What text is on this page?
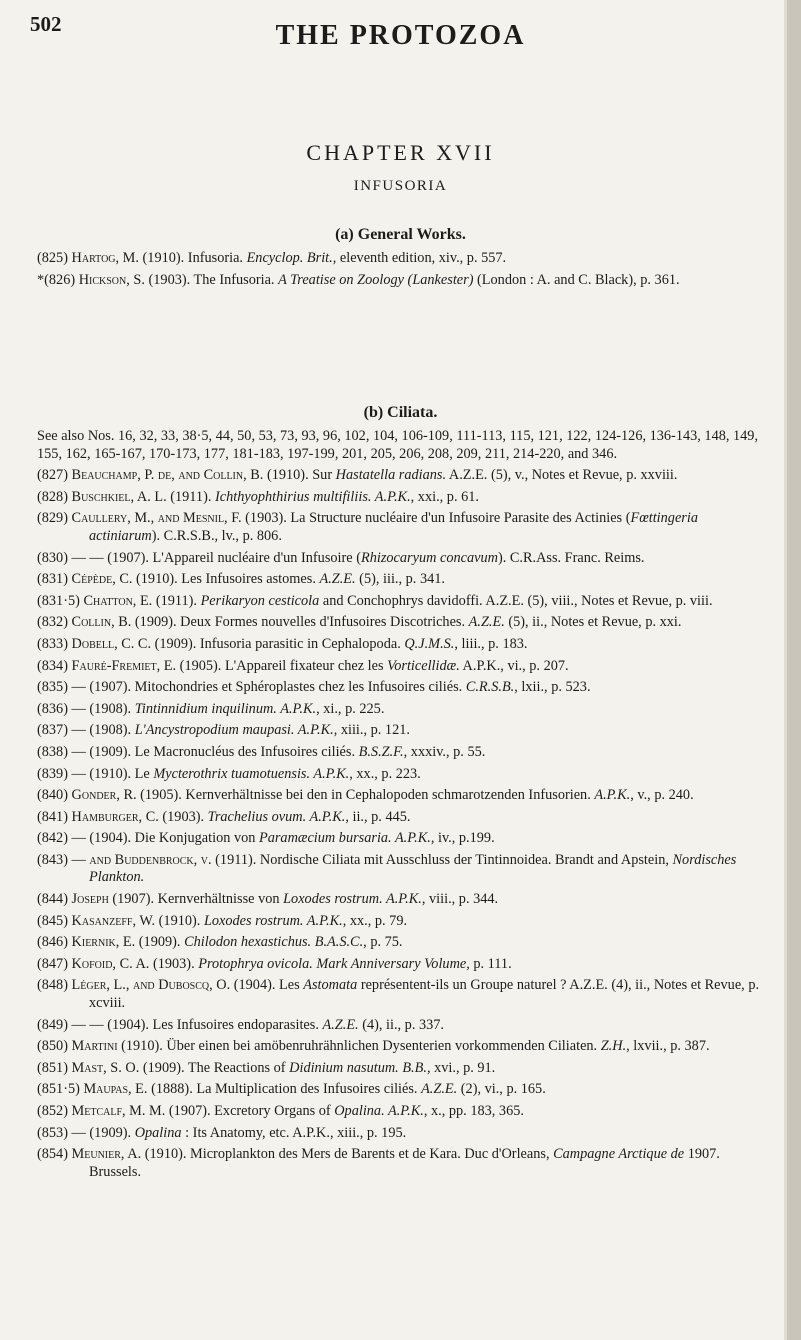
502	THE PROTOZOA
CHAPTER XVII
INFUSORIA
(a) General Works.
(825) Hartog, M. (1910). Infusoria. Encyclop. Brit., eleventh edition, xiv., p. 557.
*(826) Hickson, S. (1903). The Infusoria. A Treatise on Zoology (Lankester) (London : A. and C. Black), p. 361.
(b) Ciliata.
See also Nos. 16, 32, 33, 38·5, 44, 50, 53, 73, 93, 96, 102, 104, 106-109, 111-113, 115, 121, 122, 124-126, 136-143, 148, 149, 155, 162, 165-167, 170-173, 177, 181-183, 197-199, 201, 205, 206, 208, 209, 211, 214-220, and 346.
(827) Beauchamp, P. de, and Collin, B. (1910). Sur Hastatella radians. A.Z.E. (5), v., Notes et Revue, p. xxviii.
(828) Buschkiel, A. L. (1911). Ichthyophthirius multifiliis. A.P.K., xxi., p. 61.
(829) Caullery, M., and Mesnil, F. (1903). La Structure nucléaire d'un Infusoire Parasite des Actinies (Fœttingeria actiniarum). C.R.S.B., lv., p. 806.
(830) — — (1907). L'Appareil nucléaire d'un Infusoire (Rhizocaryum concavum). C.R.Ass. Franc. Reims.
(831) Cépède, C. (1910). Les Infusoires astomes. A.Z.E. (5), iii., p. 341.
(831·5) Chatton, E. (1911). Perikaryon cesticola and Conchophrys davidoffi. A.Z.E. (5), viii., Notes et Revue, p. viii.
(832) Collin, B. (1909). Deux Formes nouvelles d'Infusoires Discotriches. A.Z.E. (5), ii., Notes et Revue, p. xxi.
(833) Dobell, C. C. (1909). Infusoria parasitic in Cephalopoda. Q.J.M.S., liii., p. 183.
(834) Fauré-Fremiet, E. (1905). L'Appareil fixateur chez les Vorticellidæ. A.P.K., vi., p. 207.
(835) — (1907). Mitochondries et Sphéroplastes chez les Infusoires ciliés. C.R.S.B., lxii., p. 523.
(836) — (1908). Tintinnidium inquilinum. A.P.K., xi., p. 225.
(837) — (1908). L'Ancystropodium maupasi. A.P.K., xiii., p. 121.
(838) — (1909). Le Macronucléus des Infusoires ciliés. B.S.Z.F., xxxiv., p. 55.
(839) — (1910). Le Mycterothrix tuamotuensis. A.P.K., xx., p. 223.
(840) Gonder, R. (1905). Kernverhältnisse bei den in Cephalopoden schmarotzenden Infusorien. A.P.K., v., p. 240.
(841) Hamburger, C. (1903). Trachelius ovum. A.P.K., ii., p. 445.
(842) — (1904). Die Konjugation von Paramæcium bursaria. A.P.K., iv., p.199.
(843) — and Buddenbrock, v. (1911). Nordische Ciliata mit Ausschluss der Tintinnoidea. Brandt and Apstein, Nordisches Plankton.
(844) Joseph (1907). Kernverhältnisse von Loxodes rostrum. A.P.K., viii., p. 344.
(845) Kasanzeff, W. (1910). Loxodes rostrum. A.P.K., xx., p. 79.
(846) Kiernik, E. (1909). Chilodon hexastichus. B.A.S.C., p. 75.
(847) Kofoid, C. A. (1903). Protophrya ovicola. Mark Anniversary Volume, p. 111.
(848) Léger, L., and Duboscq, O. (1904). Les Astomata représentent-ils un Groupe naturel ? A.Z.E. (4), ii., Notes et Revue, p. xcviii.
(849) — — (1904). Les Infusoires endoparasites. A.Z.E. (4), ii., p. 337.
(850) Martini (1910). Über einen bei amöbenruhrähnlichen Dysenterien vorkommenden Ciliaten. Z.H., lxvii., p. 387.
(851) Mast, S. O. (1909). The Reactions of Didinium nasutum. B.B., xvi., p. 91.
(851·5) Maupas, E. (1888). La Multiplication des Infusoires ciliés. A.Z.E. (2), vi., p. 165.
(852) Metcalf, M. M. (1907). Excretory Organs of Opalina. A.P.K., x., pp. 183, 365.
(853) — (1909). Opalina : Its Anatomy, etc. A.P.K., xiii., p. 195.
(854) Meunier, A. (1910). Microplankton des Mers de Barents et de Kara. Duc d'Orleans, Campagne Arctique de 1907. Brussels.
